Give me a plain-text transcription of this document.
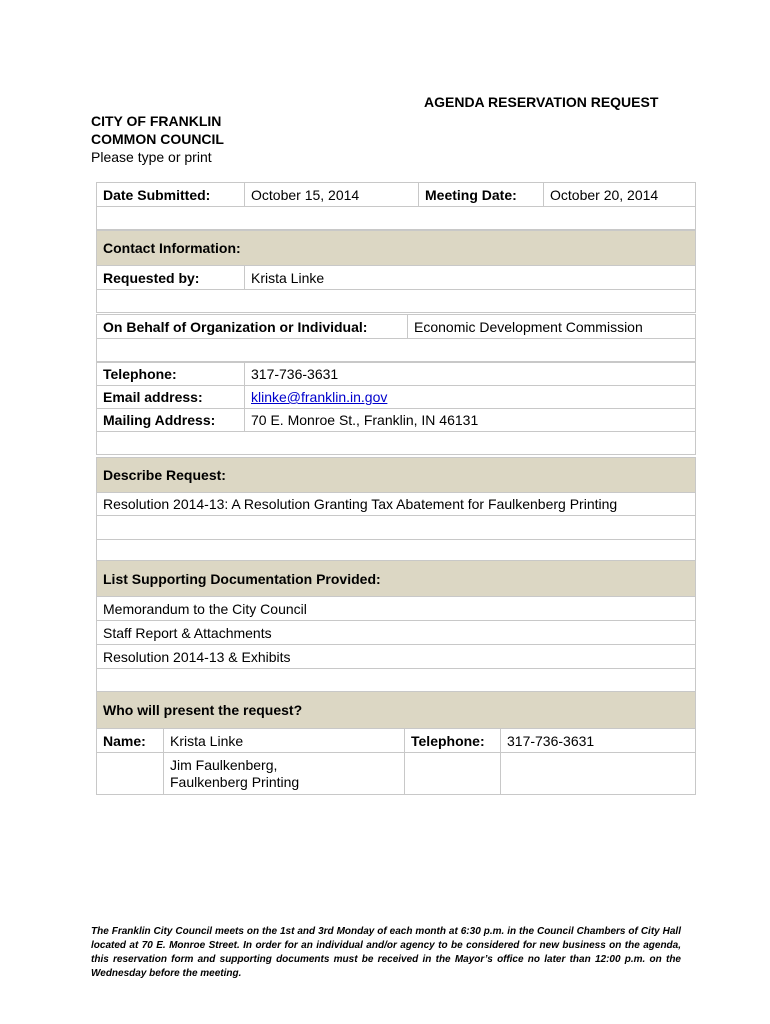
AGENDA RESERVATION REQUEST
CITY OF FRANKLIN
COMMON COUNCIL
Please type or print
Date Submitted:	October 15, 2014	Meeting Date:	October 20, 2014

Contact Information:
Requested by:	Krista Linke

On Behalf of Organization or Individual:	Economic Development Commission

Telephone:	317-736-3631
Email address:	klinke@franklin.in.gov
Mailing Address:	70 E. Monroe St., Franklin, IN 46131

Describe Request:
Resolution 2014-13: A Resolution Granting Tax Abatement for Faulkenberg Printing

List Supporting Documentation Provided:
Memorandum to the City Council
Staff Report & Attachments
Resolution 2014-13 & Exhibits

Who will present the request?			
Name:	Krista Linke	Telephone:	317-736-3631

	Jim Faulkenberg,
Faulkenberg Printing		

The Franklin City Council meets on the 1st and 3rd Monday of each month at 6:30 p.m. in the Council Chambers of City Hall located at 70 E. Monroe Street. In order for an individual and/or agency to be considered for new business on the agenda, this reservation form and supporting documents must be received in the Mayor’s office no later than 12:00 p.m. on the Wednesday before the meeting.
